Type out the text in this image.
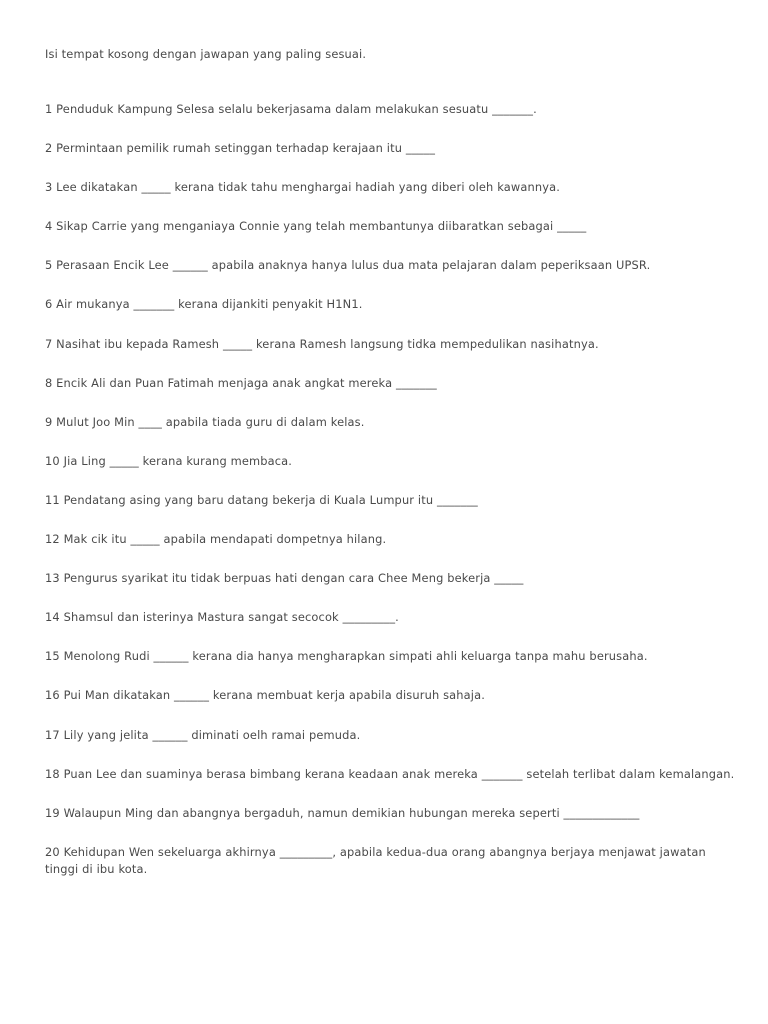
Isi tempat kosong dengan jawapan yang paling sesuai.
1 Penduduk Kampung Selesa selalu bekerjasama dalam melakukan sesuatu _______.
2 Permintaan pemilik rumah setinggan terhadap kerajaan itu _____
3 Lee dikatakan _____ kerana tidak tahu menghargai hadiah yang diberi oleh kawannya.
4 Sikap Carrie yang menganiaya Connie yang telah membantunya diibaratkan sebagai _____
5 Perasaan Encik Lee ______ apabila anaknya hanya lulus dua mata pelajaran dalam peperiksaan UPSR.
6 Air mukanya _______ kerana dijankiti penyakit H1N1.
7 Nasihat ibu kepada Ramesh _____ kerana Ramesh langsung tidka mempedulikan nasihatnya.
8 Encik Ali dan Puan Fatimah menjaga anak angkat mereka _______
9 Mulut Joo Min ____ apabila tiada guru di dalam kelas.
10 Jia Ling _____ kerana kurang membaca.
11 Pendatang asing yang baru datang bekerja di Kuala Lumpur itu _______
12 Mak cik itu _____ apabila mendapati dompetnya hilang.
13 Pengurus syarikat itu tidak berpuas hati dengan cara Chee Meng bekerja _____
14 Shamsul dan isterinya Mastura sangat secocok _________.
15 Menolong Rudi ______ kerana dia hanya mengharapkan simpati ahli keluarga tanpa mahu berusaha.
16 Pui Man dikatakan ______ kerana membuat kerja apabila disuruh sahaja.
17 Lily yang jelita ______ diminati oelh ramai pemuda.
18 Puan Lee dan suaminya berasa bimbang kerana keadaan anak mereka _______ setelah terlibat dalam kemalangan.
19 Walaupun Ming dan abangnya bergaduh, namun demikian hubungan mereka seperti _____________
20 Kehidupan Wen sekeluarga akhirnya _________, apabila kedua-dua orang abangnya berjaya menjawat jawatan tinggi di ibu kota.
